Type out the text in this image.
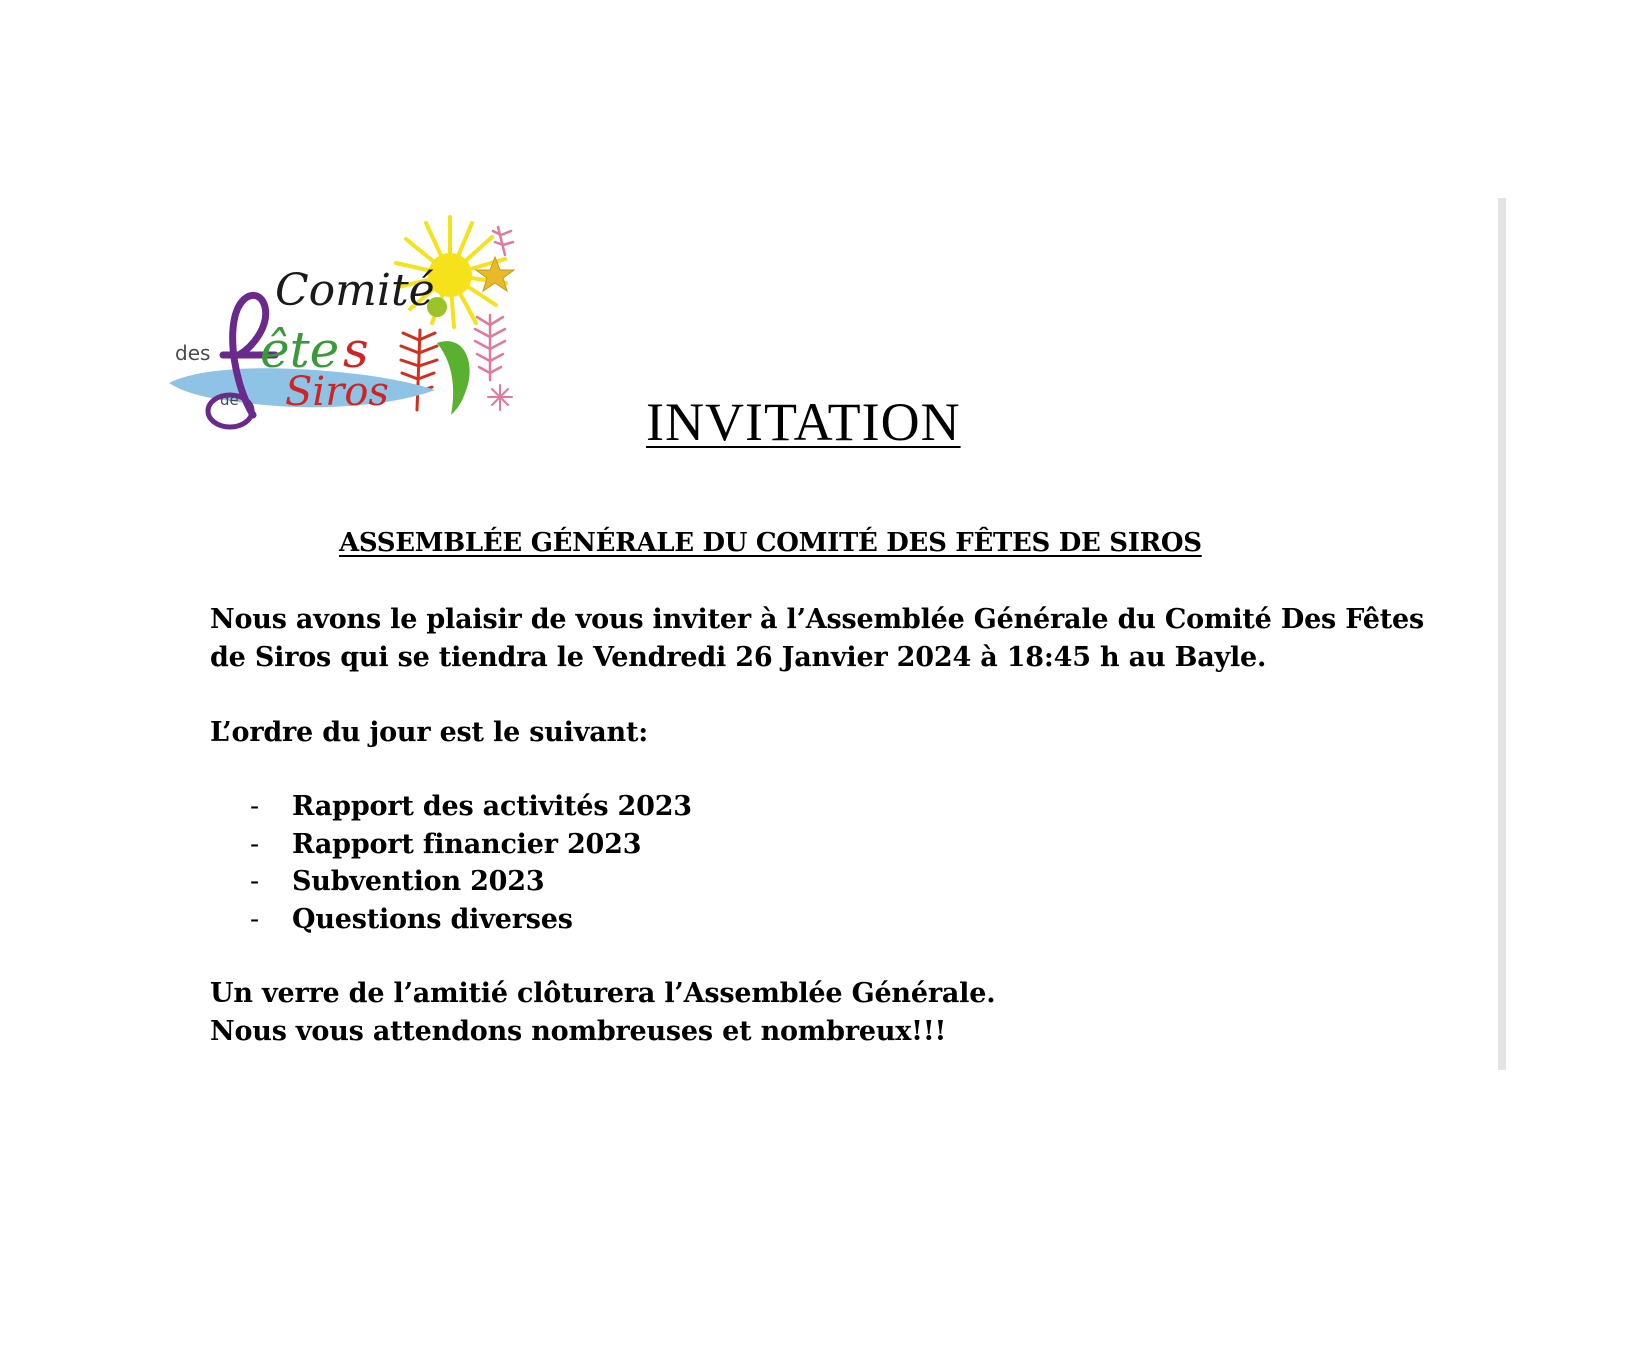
Comité
des ête s
de Siros	INVITATION
ASSEMBLÉE GÉNÉRALE DU COMITÉ DES FÊTES DE SIROS
Nous avons le plaisir de vous inviter à l’Assemblée Générale du Comité Des Fêtes
de Siros qui se tiendra le Vendredi 26 Janvier 2024 à 18:45 h au Bayle.
L’ordre du jour est le suivant:
- Rapport des activités 2023
- Rapport financier 2023
- Subvention 2023
- Questions diverses
Un verre de l’amitié clôturera l’Assemblée Générale.
Nous vous attendons nombreuses et nombreux!!!
